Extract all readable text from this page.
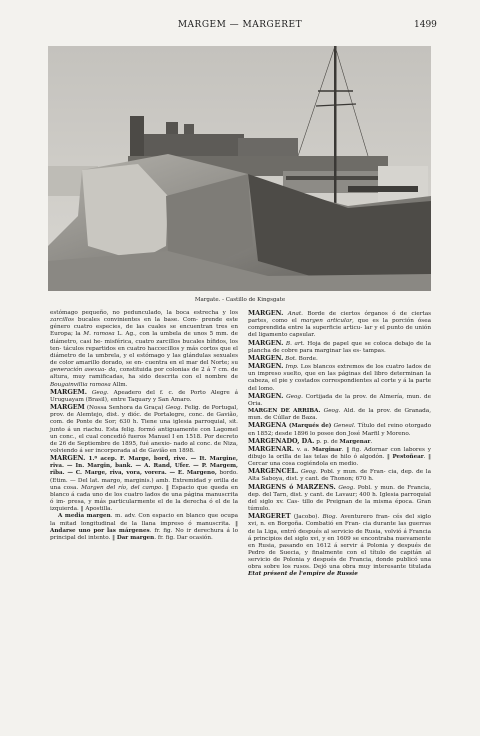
MARGEM — MARGERET	1499
Margate. - Castillo de Kingsgate

estómago pequeño, no pedunculado, la boca estrecha y los zarcillos bucales convinientes en la base. Com- prende este género cuatro especies, de las cuales se encuentran tres en Europa; la M. ramosa L. Ag., con la umbela de unos 5 mm. de diámetro, casi he- misférica, cuatro zarcillos bucales bífidos, los ten- táculos repartidos en cuatro haccecillos y más cortos que el diámetro de la umbrela, y el estómago y las glándulas sexuales de color amarillo dorado, se en- cuentra en el mar del Norte; su generación asexua- da, constituida por colonias de 2 á 7 cm. de altura, muy ramificadas, ha sido descrita con el nombre de Bougainvillia ramosa Allm.

MARGEM. Geog. Apeadero del f. c. de Porto Alegre á Uruguayam (Brasil), entre Taquary y San Amaro.

MARGEM (Nossa Senhora da Graça) Geog. Felig. de Portugal, prov. de Alemtejo, dist. y dióc. de Portalegre, conc. de Gavião, com. de Ponte de Sor; 630 h. Tiene una iglesia parroquial, sit. junto á un riachu. Esta felig. formó antiguamente con Lagomel un conc., el cual concedió fueros Manuel I en 1518. Por decreto de 26 de Septiembre de 1895, fué anexio- nado al conc. de Niza, volviendo á ser incorporada al de Gavião en 1898.

MARGEN. 1.ª acep. F. Marge, bord, rive. — It. Margine, riva. — In. Margin, bank. — A. Rand, Ufer. — P. Margem, riba. — C. Marge, riva, vora, vorera. — E. Margeno, bordo. (Etim. — Del lat. margo, marginis.) amb. Extremidad y orilla de una cosa. Margen del río, del campo. ‖ Espacio que queda en blanco á cada uno de los cuatro lados de una página manuscrita ó im- presa, y más particularmente el de la derecha ó el de la izquierda. ‖ Apostilla.

A media margen. m. adv. Con espacio en blanco que ocupa la mitad longitudinal de la llana impreso ó manuscrita. ‖ Andarse uno por las márgenes. fr. fig. No ir derechura á lo principal del intento. ‖ Dar margen. fr. fig. Dar ocasión.

MARGEN. Anat. Borde de ciertos órganos ó de ciertas partes, como el margen articular, que es la porción ósea comprendida entre la superficie articu- lar y el punto de unión del ligamento capsular.

MARGEN. B. art. Hoja de papel que se coloca debajo de la plancha de cobre para marginar las es- tampas.

MARGEN. Bot. Borde.

MARGEN. Imp. Los blancos extremos de los cuatro lados de un impreso suelto, que en las páginas del libro determinan la cabeza, el pie y costados correspondientes al corte y á la parte del lomo.

MARGEN. Geog. Cortijada de la prov. de Almería, mun. de Oria.

MARGEN DE ARRIBA. Geog. Ald. de la prov. de Granada, mun. de Cúllar de Baza.

MARGENA (Marqués de) Geneal. Título del reino otorgado en 1852; desde 1896 lo posee don José Marfil y Moreno.

MARGENADO, DA. p. p. de Margenar.

MARGENAR. v. a. Marginar. ‖ fig. Adornar con labores y dibujo la orilla de las telas de hilo ó algodón. ‖ Pestoñear. ‖ Cercar una cosa cogiéndola en medio.

MARGENCEL. Geog. Pobl. y mun. de Fran- cia, dep. de la Alta Saboya, dist. y cant. de Thonon; 670 h.

MARGENS ó MARZENS. Geog. Pobl. y mun. de Francia, dep. del Tarn, dist. y cant. de Lavaur; 400 h. Iglesia parroquial del siglo xv. Cas- tillo de Preignan de la misma época. Gran túmulo.

MARGERET (Jacobo). Biog. Aventurero fran- cés del siglo xvi, n. en Borgoña. Combatió en Fran- cia durante las guerras de la Liga, entró después al servicio de Rusia, volvió á Francia á principios del siglo xvi, y en 1609 se encontraba nuevamente en Rusia, pasando en 1612 á servir á Polonia y después de Pedro de Suecia, y finalmente con el título de capitán al servicio de Polonia y después de Francia, donde publicó una obra sobre los rusos. Dejó una obra muy interesante titulada Etat présent de l'empire de Russie
